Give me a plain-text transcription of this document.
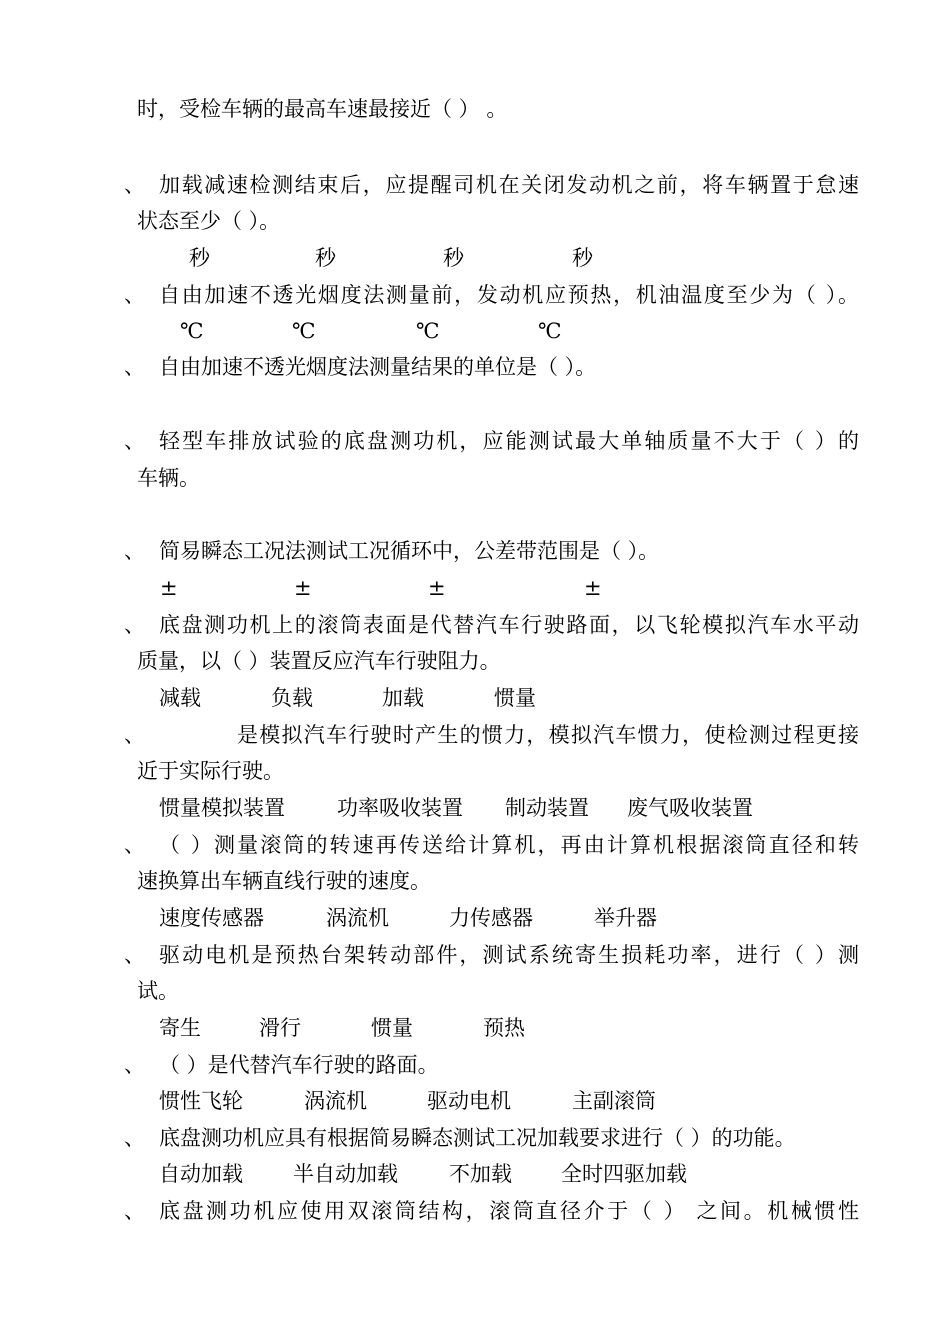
时，受检车辆的最高车速最接近（ ） 。
、 加载减速检测结束后，应提醒司机在关闭发动机之前，将车辆置于怠速
状态至少（ ）。
秒	秒	秒	秒
、 自由加速不透光烟度法测量前，发动机应预热，机油温度至少为（ ）。
℃	℃	℃	℃
、 自由加速不透光烟度法测量结果的单位是（ ）。
、 轻型车排放试验的底盘测功机，应能测试最大单轴质量不大于（ ）的
车辆。
、 简易瞬态工况法测试工况循环中，公差带范围是（ ）。
±	±	±	±
、 底盘测功机上的滚筒表面是代替汽车行驶路面，以飞轮模拟汽车水平动
质量，以（ ）装置反应汽车行驶阻力。
减载	负载	加载	惯量
、	是模拟汽车行驶时产生的惯力，模拟汽车惯力，使检测过程更接
近于实际行驶。
惯量模拟装置 功率吸收装置 制动装置 废气吸收装置
、 （ ）测量滚筒的转速再传送给计算机，再由计算机根据滚筒直径和转
速换算出车辆直线行驶的速度。
速度传感器	涡流机	力传感器	举升器
、 驱动电机是预热台架转动部件，测试系统寄生损耗功率，进行（ ）测
试。
寄生	滑行	惯量	预热
、 （ ）是代替汽车行驶的路面。
惯性飞轮	涡流机	驱动电机	主副滚筒
、 底盘测功机应具有根据简易瞬态测试工况加载要求进行（ ）的功能。
自动加载 半自动加载 不加载 全时四驱加载
、 底盘测功机应使用双滚筒结构，滚筒直径介于（ ） 之间。机械惯性
